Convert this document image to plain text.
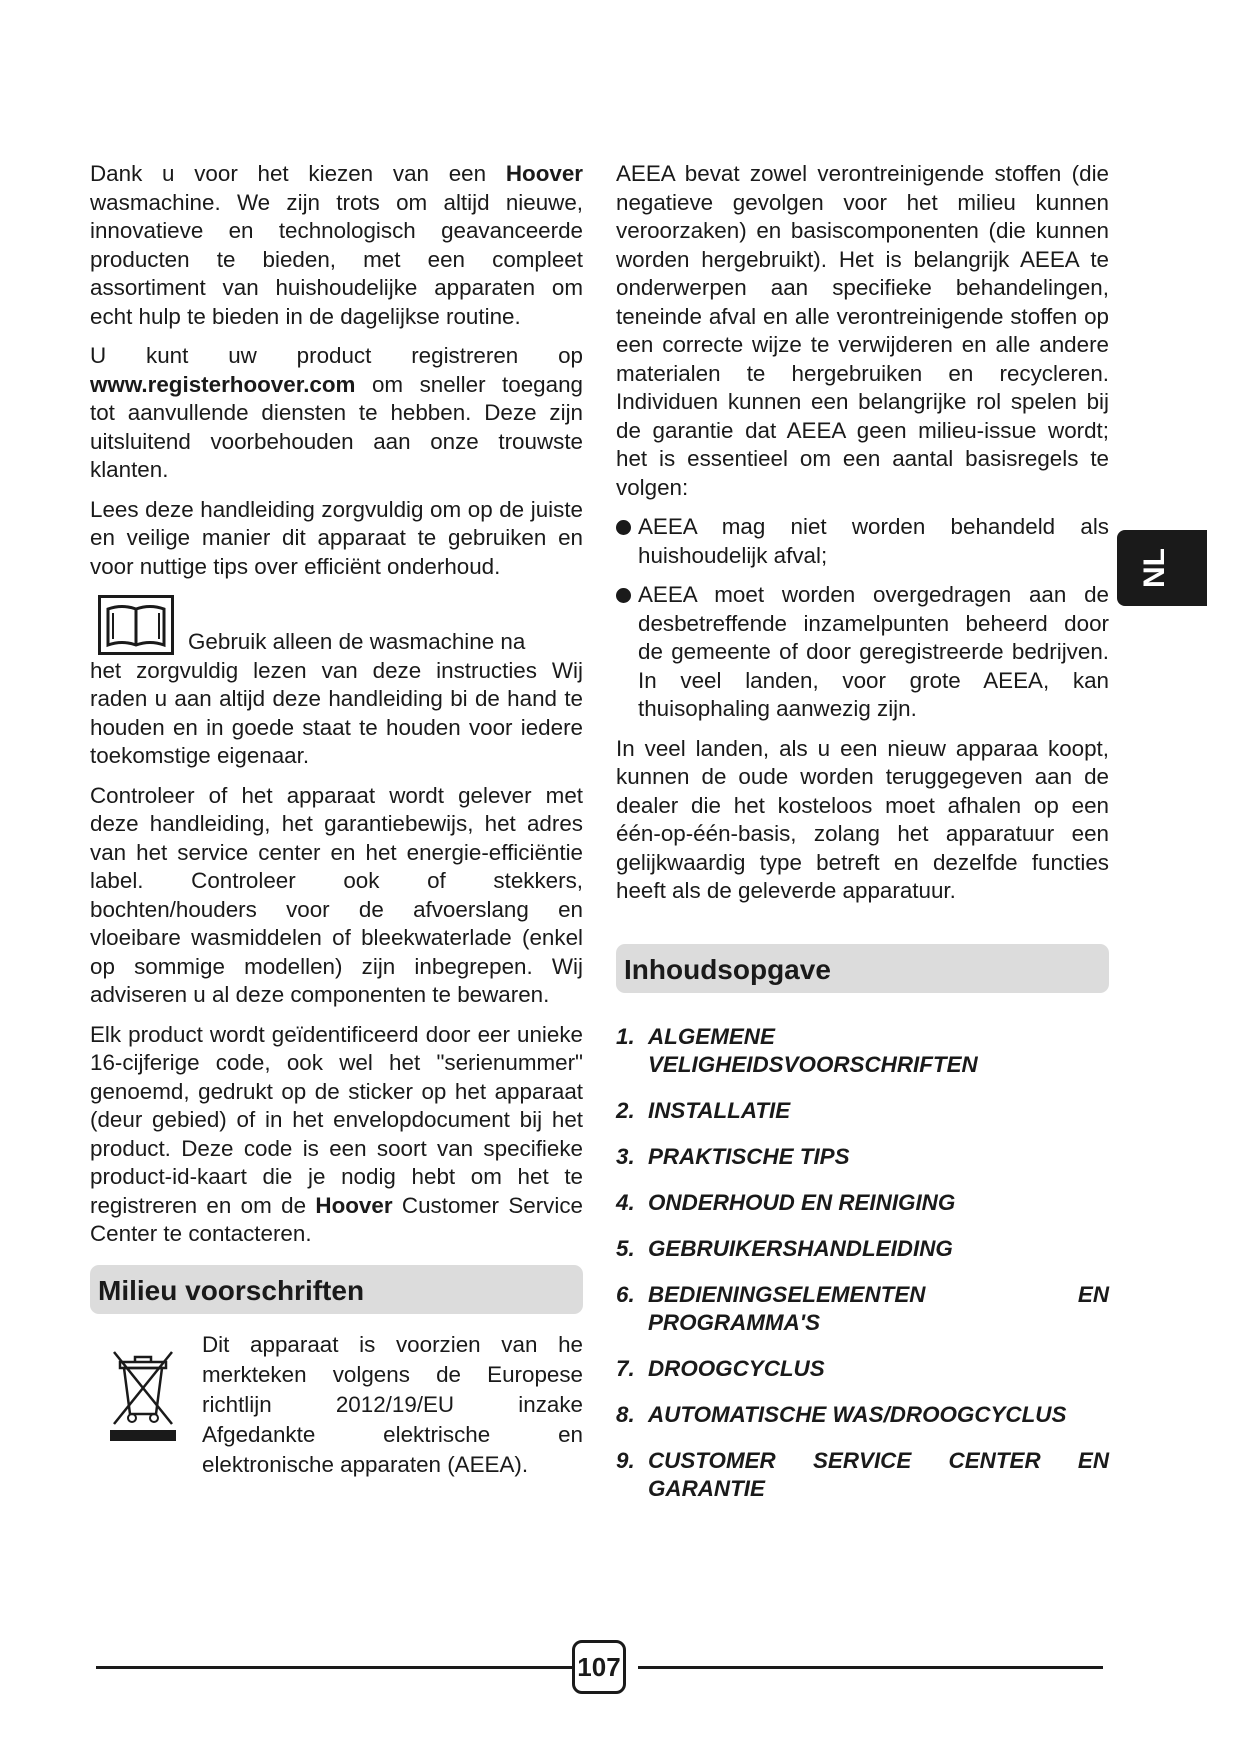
Dank u voor het kiezen van een Hoover wasmachine. We zijn trots om altijd nieuwe, innovatieve en technologisch geavanceerde producten te bieden, met een compleet assortiment van huishoudelijke apparaten om echt hulp te bieden in de dagelijkse routine.

U kunt uw product registreren op www.registerhoover.com om sneller toegang tot aanvullende diensten te hebben. Deze zijn uitsluitend voorbehouden aan onze trouwste klanten.

Lees deze handleiding zorgvuldig om op de juiste en veilige manier dit apparaat te gebruiken en voor nuttige tips over efficiënt onderhoud.

Gebruik alleen de wasmachine na

het zorgvuldig lezen van deze instructies Wij raden u aan altijd deze handleiding bi de hand te houden en in goede staat te houden voor iedere toekomstige eigenaar.

Controleer of het apparaat wordt gelever met deze handleiding, het garantiebewijs, het adres van het service center en het energie-efficiëntie label. Controleer ook of stekkers, bochten/houders voor de afvoerslang en vloeibare wasmiddelen of bleekwaterlade (enkel op sommige modellen) zijn inbegrepen. Wij adviseren u al deze componenten te bewaren.

Elk product wordt geïdentificeerd door eer unieke 16-cijferige code, ook wel het "serienummer" genoemd, gedrukt op de sticker op het apparaat (deur gebied) of in het envelopdocument bij het product. Deze code is een soort van specifieke product-id-kaart die je nodig hebt om het te registreren en om de Hoover Customer Service Center te contacteren.

Milieu voorschriften

Dit apparaat is voorzien van he merkteken volgens de Europese richtlijn 2012/19/EU inzake Afgedankte elektrische en elektronische apparaten (AEEA).

AEEA bevat zowel verontreinigende stoffen (die negatieve gevolgen voor het milieu kunnen veroorzaken) en basiscomponenten (die kunnen worden hergebruikt). Het is belangrijk AEEA te onderwerpen aan specifieke behandelingen, teneinde afval en alle verontreinigende stoffen op een correcte wijze te verwijderen en alle andere materialen te hergebruiken en recycleren. Individuen kunnen een belangrijke rol spelen bij de garantie dat AEEA geen milieu-issue wordt; het is essentieel om een aantal basisregels te volgen:

AEEA mag niet worden behandeld als huishoudelijk afval;
AEEA moet worden overgedragen aan de desbetreffende inzamelpunten beheerd door de gemeente of door geregistreerde bedrijven. In veel landen, voor grote AEEA, kan thuisophaling aanwezig zijn.

In veel landen, als u een nieuw apparaa koopt, kunnen de oude worden teruggegeven aan de dealer die het kosteloos moet afhalen op een één-op-één-basis, zolang het apparatuur een gelijkwaardig type betreft en dezelfde functies heeft als de geleverde apparatuur.

Inhoudsopgave
1. ALGEMENE VELIGHEIDSVOORSCHRIFTEN
2. INSTALLATIE
3. PRAKTISCHE TIPS
4. ONDERHOUD EN REINIGING
5. GEBRUIKERSHANDLEIDING
6. BEDIENINGSELEMENTEN EN PROGRAMMA'S
7. DROOGCYCLUS
8. AUTOMATISCHE WAS/DROOGCYCLUS
9. CUSTOMER SERVICE CENTER EN GARANTIE
NL
107
